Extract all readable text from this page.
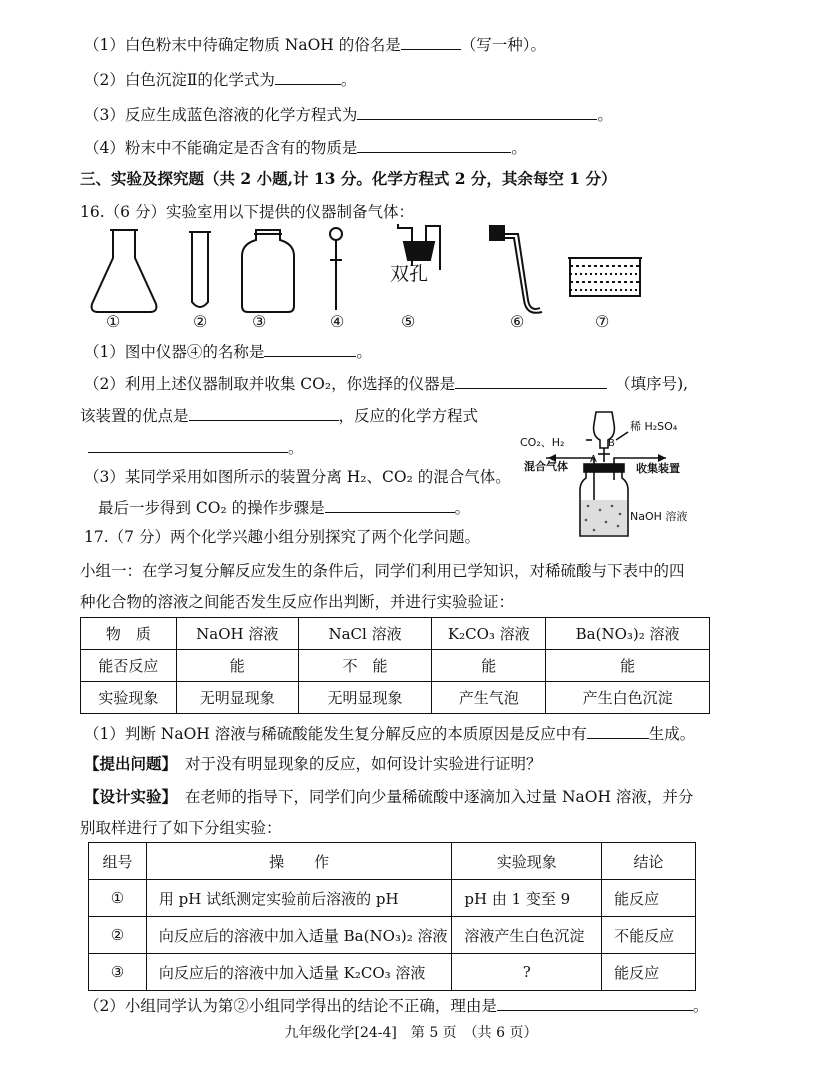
（1）白色粉末中待确定物质 NaOH 的俗名是	（写一种）。
（2）白色沉淀Ⅱ的化学式为	。
（3）反应生成蓝色溶液的化学方程式为	。
（4）粉末中不能确定是否含有的物质是	。
三、实验及探究题（共 2 小题,计 13 分。化学方程式 2 分，其余每空 1 分）
16.（6 分）实验室用以下提供的仪器制备气体：
双孔
①	②	③	④	⑤	⑥	⑦
（1）图中仪器④的名称是	。
（2）利用上述仪器制取并收集 CO₂，你选择的仪器是	（填序号),
该装置的优点是	，反应的化学方程式
。
（3）某同学采用如图所示的装置分离 H₂、CO₂ 的混合气体。
最后一步得到 CO₂ 的操作步骤是	。
稀 H₂SO₄
CO₂、H₂
混合气体	收集装置
NaOH 溶液
A
B
17.（7 分）两个化学兴趣小组分别探究了两个化学问题。
小组一：在学习复分解反应发生的条件后，同学们利用已学知识，对稀硫酸与下表中的四
种化合物的溶液之间能否发生反应作出判断，并进行实验验证：
物　质	NaOH 溶液	NaCl 溶液	K₂CO₃ 溶液	Ba(NO₃)₂ 溶液
能否反应	能	不　能	能	能
实验现象	无明显现象	无明显现象	产生气泡	产生白色沉淀
（1）判断 NaOH 溶液与稀硫酸能发生复分解反应的本质原因是反应中有	生成。
【提出问题】 对于没有明显现象的反应，如何设计实验进行证明？
【设计实验】 在老师的指导下，同学们向少量稀硫酸中逐滴加入过量 NaOH 溶液，并分
别取样进行了如下分组实验：
组号	操　　作	实验现象	结论
①	用 pH 试纸测定实验前后溶液的 pH	pH 由 1 变至 9	能反应
②	向反应后的溶液中加入适量 Ba(NO₃)₂ 溶液	溶液产生白色沉淀	不能反应
③	向反应后的溶液中加入适量 K₂CO₃ 溶液	?	能反应
（2）小组同学认为第②小组同学得出的结论不正确，理由是	。
九年级化学[24-4]　第 5 页　（共 6 页）
